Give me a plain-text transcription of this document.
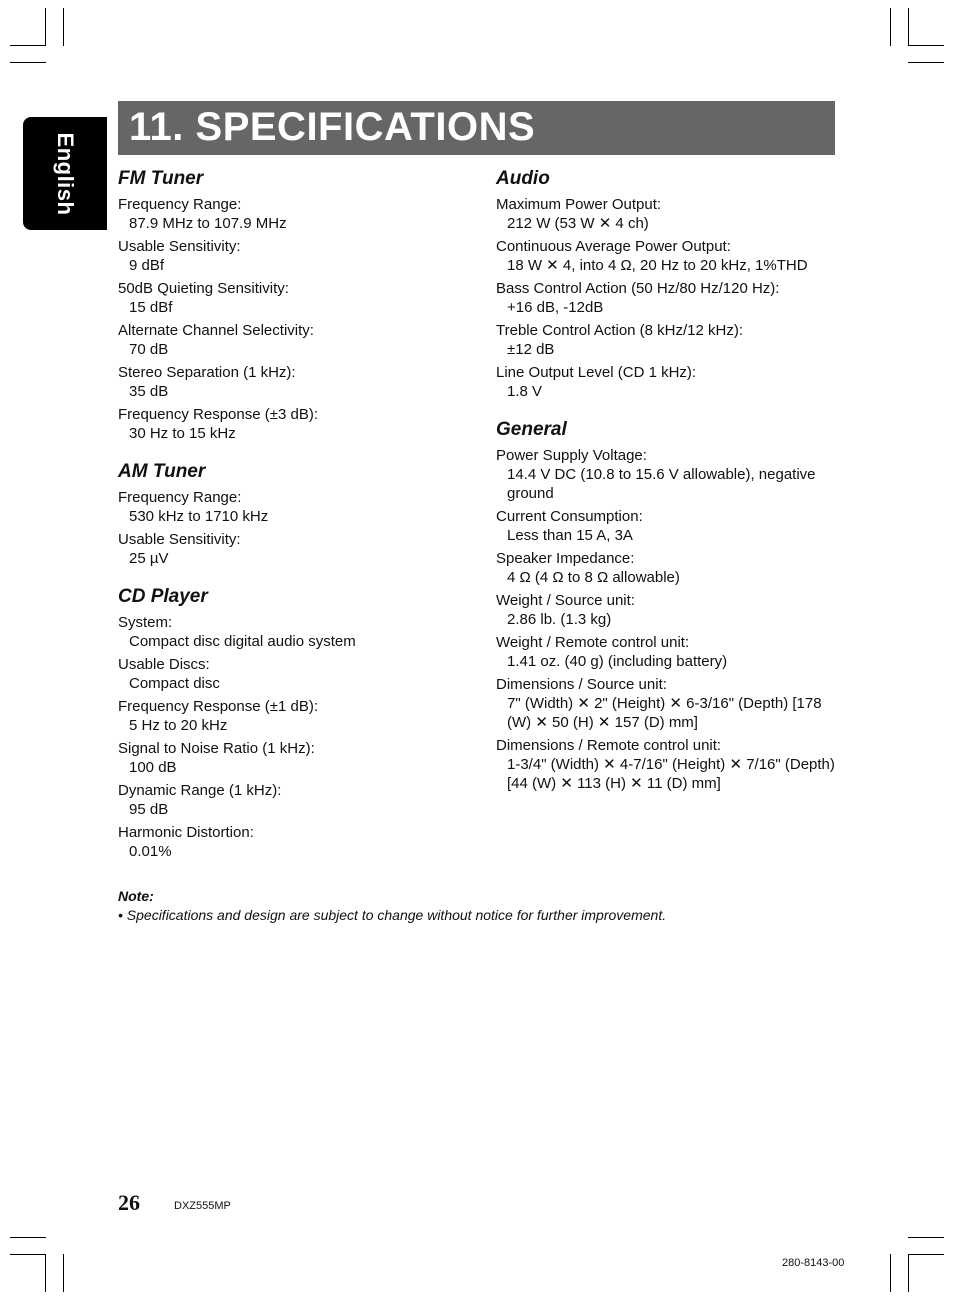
English
11. SPECIFICATIONS
FM Tuner
Frequency Range:
87.9 MHz to 107.9 MHz
Usable Sensitivity:
9 dBf
50dB Quieting Sensitivity:
15 dBf
Alternate Channel Selectivity:
70 dB
Stereo Separation (1 kHz):
35 dB
Frequency Response (±3 dB):
30 Hz to 15 kHz
AM Tuner
Frequency Range:
530 kHz to 1710 kHz
Usable Sensitivity:
25 µV
CD Player
System:
Compact disc digital audio system
Usable Discs:
Compact disc
Frequency Response (±1 dB):
5 Hz to 20 kHz
Signal to Noise Ratio (1 kHz):
100 dB
Dynamic Range (1 kHz):
95 dB
Harmonic Distortion:
0.01%
Audio
Maximum Power Output:
212 W (53 W ✕ 4 ch)
Continuous Average Power Output:
18 W ✕ 4, into 4 Ω, 20 Hz to 20 kHz, 1%THD
Bass Control Action (50 Hz/80 Hz/120 Hz):
+16 dB, -12dB
Treble Control Action (8 kHz/12 kHz):
±12 dB
Line Output Level (CD 1 kHz):
1.8 V
General
Power Supply Voltage:
14.4 V DC (10.8 to 15.6 V allowable), negative ground
Current Consumption:
Less than 15 A, 3A
Speaker Impedance:
4 Ω (4 Ω to 8 Ω allowable)
Weight / Source unit:
2.86 lb. (1.3 kg)
Weight / Remote control unit:
1.41 oz. (40 g) (including battery)
Dimensions / Source unit:
7" (Width) ✕ 2" (Height) ✕ 6-3/16" (Depth) [178 (W) ✕ 50 (H) ✕ 157 (D) mm]
Dimensions / Remote control unit:
1-3/4" (Width) ✕ 4-7/16" (Height) ✕ 7/16" (Depth) [44 (W) ✕ 113 (H) ✕ 11 (D) mm]
Note:
• Specifications and design are subject to change without notice for further improvement.
26	DXZ555MP
280-8143-00
